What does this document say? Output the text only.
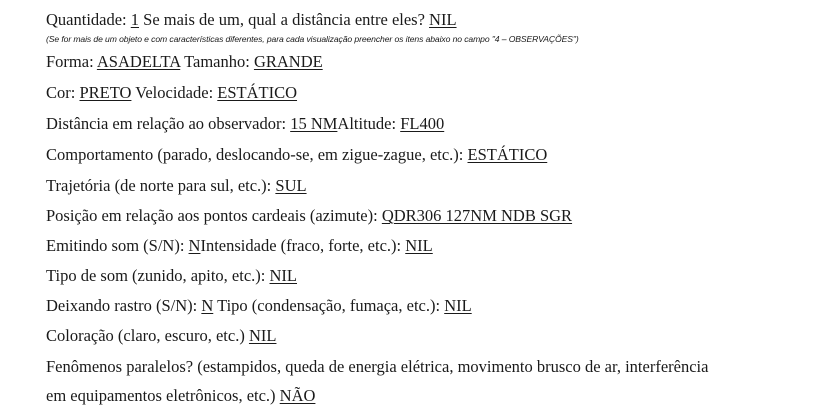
Quantidade: 1 Se mais de um, qual a distância entre eles? NIL
(Se for mais de um objeto e com características diferentes, para cada visualização preencher os itens abaixo no campo "4 – OBSERVAÇÕES")
Forma: ASADELTA Tamanho: GRANDE
Cor: PRETO Velocidade: ESTÁTICO
Distância em relação ao observador: 15 NMAltitude: FL400
Comportamento (parado, deslocando-se, em zigue-zague, etc.): ESTÁTICO
Trajetória (de norte para sul, etc.): SUL
Posição em relação aos pontos cardeais (azimute): QDR306 127NM NDB SGR
Emitindo som (S/N): NIntensidade (fraco, forte, etc.): NIL
Tipo de som (zunido, apito, etc.): NIL
Deixando rastro (S/N): N Tipo (condensação, fumaça, etc.): NIL
Coloração (claro, escuro, etc.) NIL
Fenômenos paralelos? (estampidos, queda de energia elétrica, movimento brusco de ar, interferência
em equipamentos eletrônicos, etc.) NÃO
